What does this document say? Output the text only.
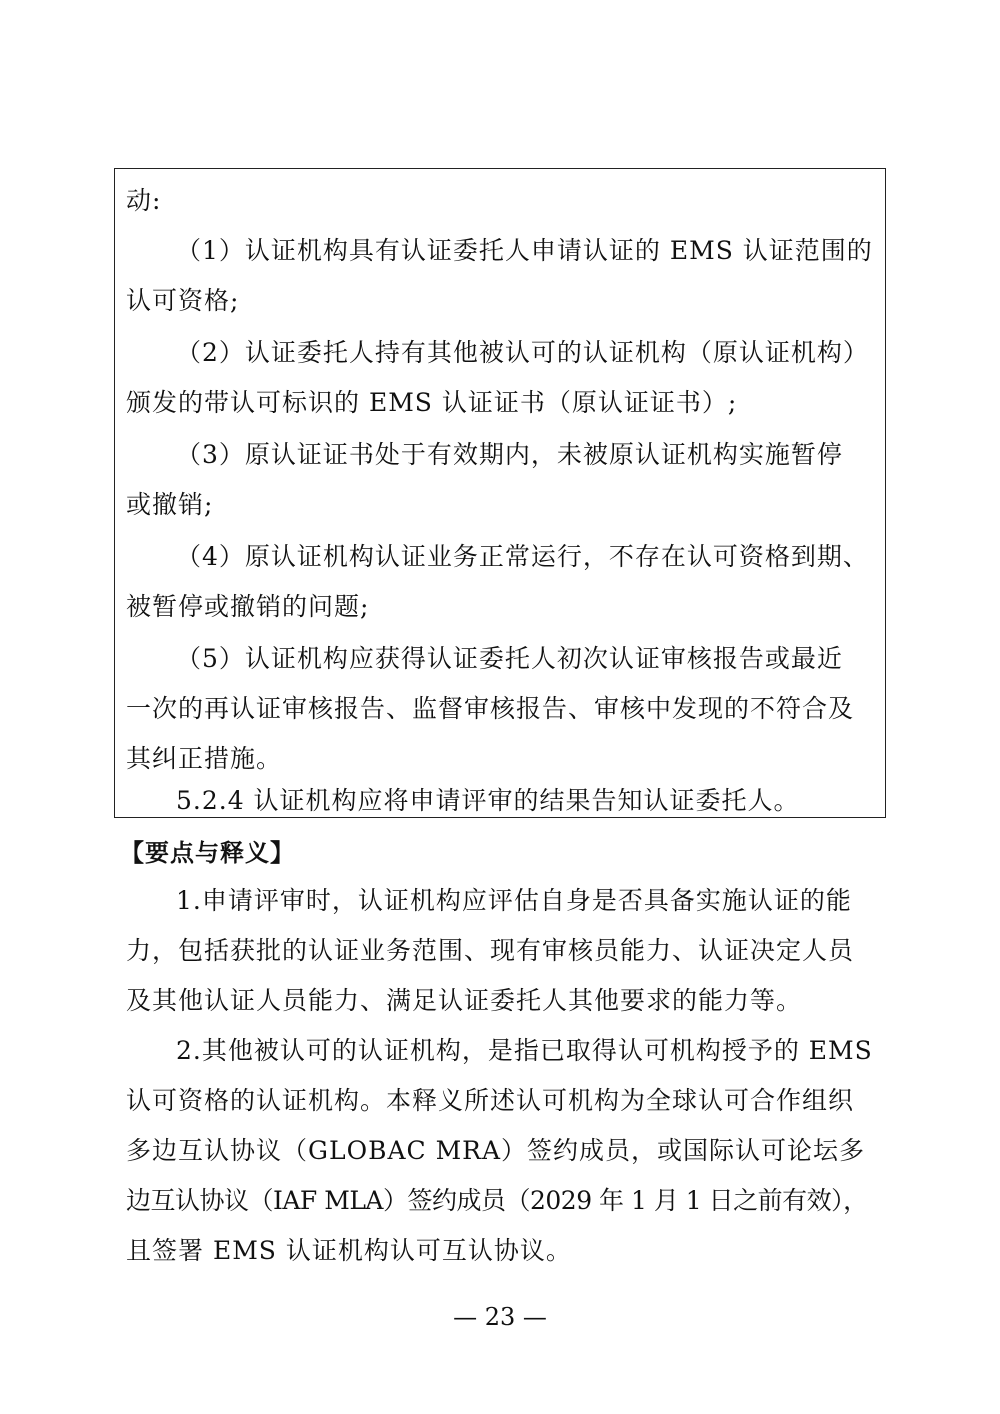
动:
（1）认证机构具有认证委托人申请认证的 EMS 认证范围的
认可资格;
（2）认证委托人持有其他被认可的认证机构（原认证机构）
颁发的带认可标识的 EMS 认证证书（原认证证书）;
（3）原认证证书处于有效期内，未被原认证机构实施暂停
或撤销;
（4）原认证机构认证业务正常运行，不存在认可资格到期、
被暂停或撤销的问题;
（5）认证机构应获得认证委托人初次认证审核报告或最近
一次的再认证审核报告、监督审核报告、审核中发现的不符合及
其纠正措施。
5.2.4 认证机构应将申请评审的结果告知认证委托人。
【要点与释义】
1.申请评审时，认证机构应评估自身是否具备实施认证的能
力，包括获批的认证业务范围、现有审核员能力、认证决定人员
及其他认证人员能力、满足认证委托人其他要求的能力等。
2.其他被认可的认证机构，是指已取得认可机构授予的 EMS
认可资格的认证机构。本释义所述认可机构为全球认可合作组织
多边互认协议（GLOBAC MRA）签约成员，或国际认可论坛多
边互认协议（IAF MLA）签约成员（2029 年 1 月 1 日之前有效），
且签署 EMS 认证机构认可互认协议。
— 23 —
